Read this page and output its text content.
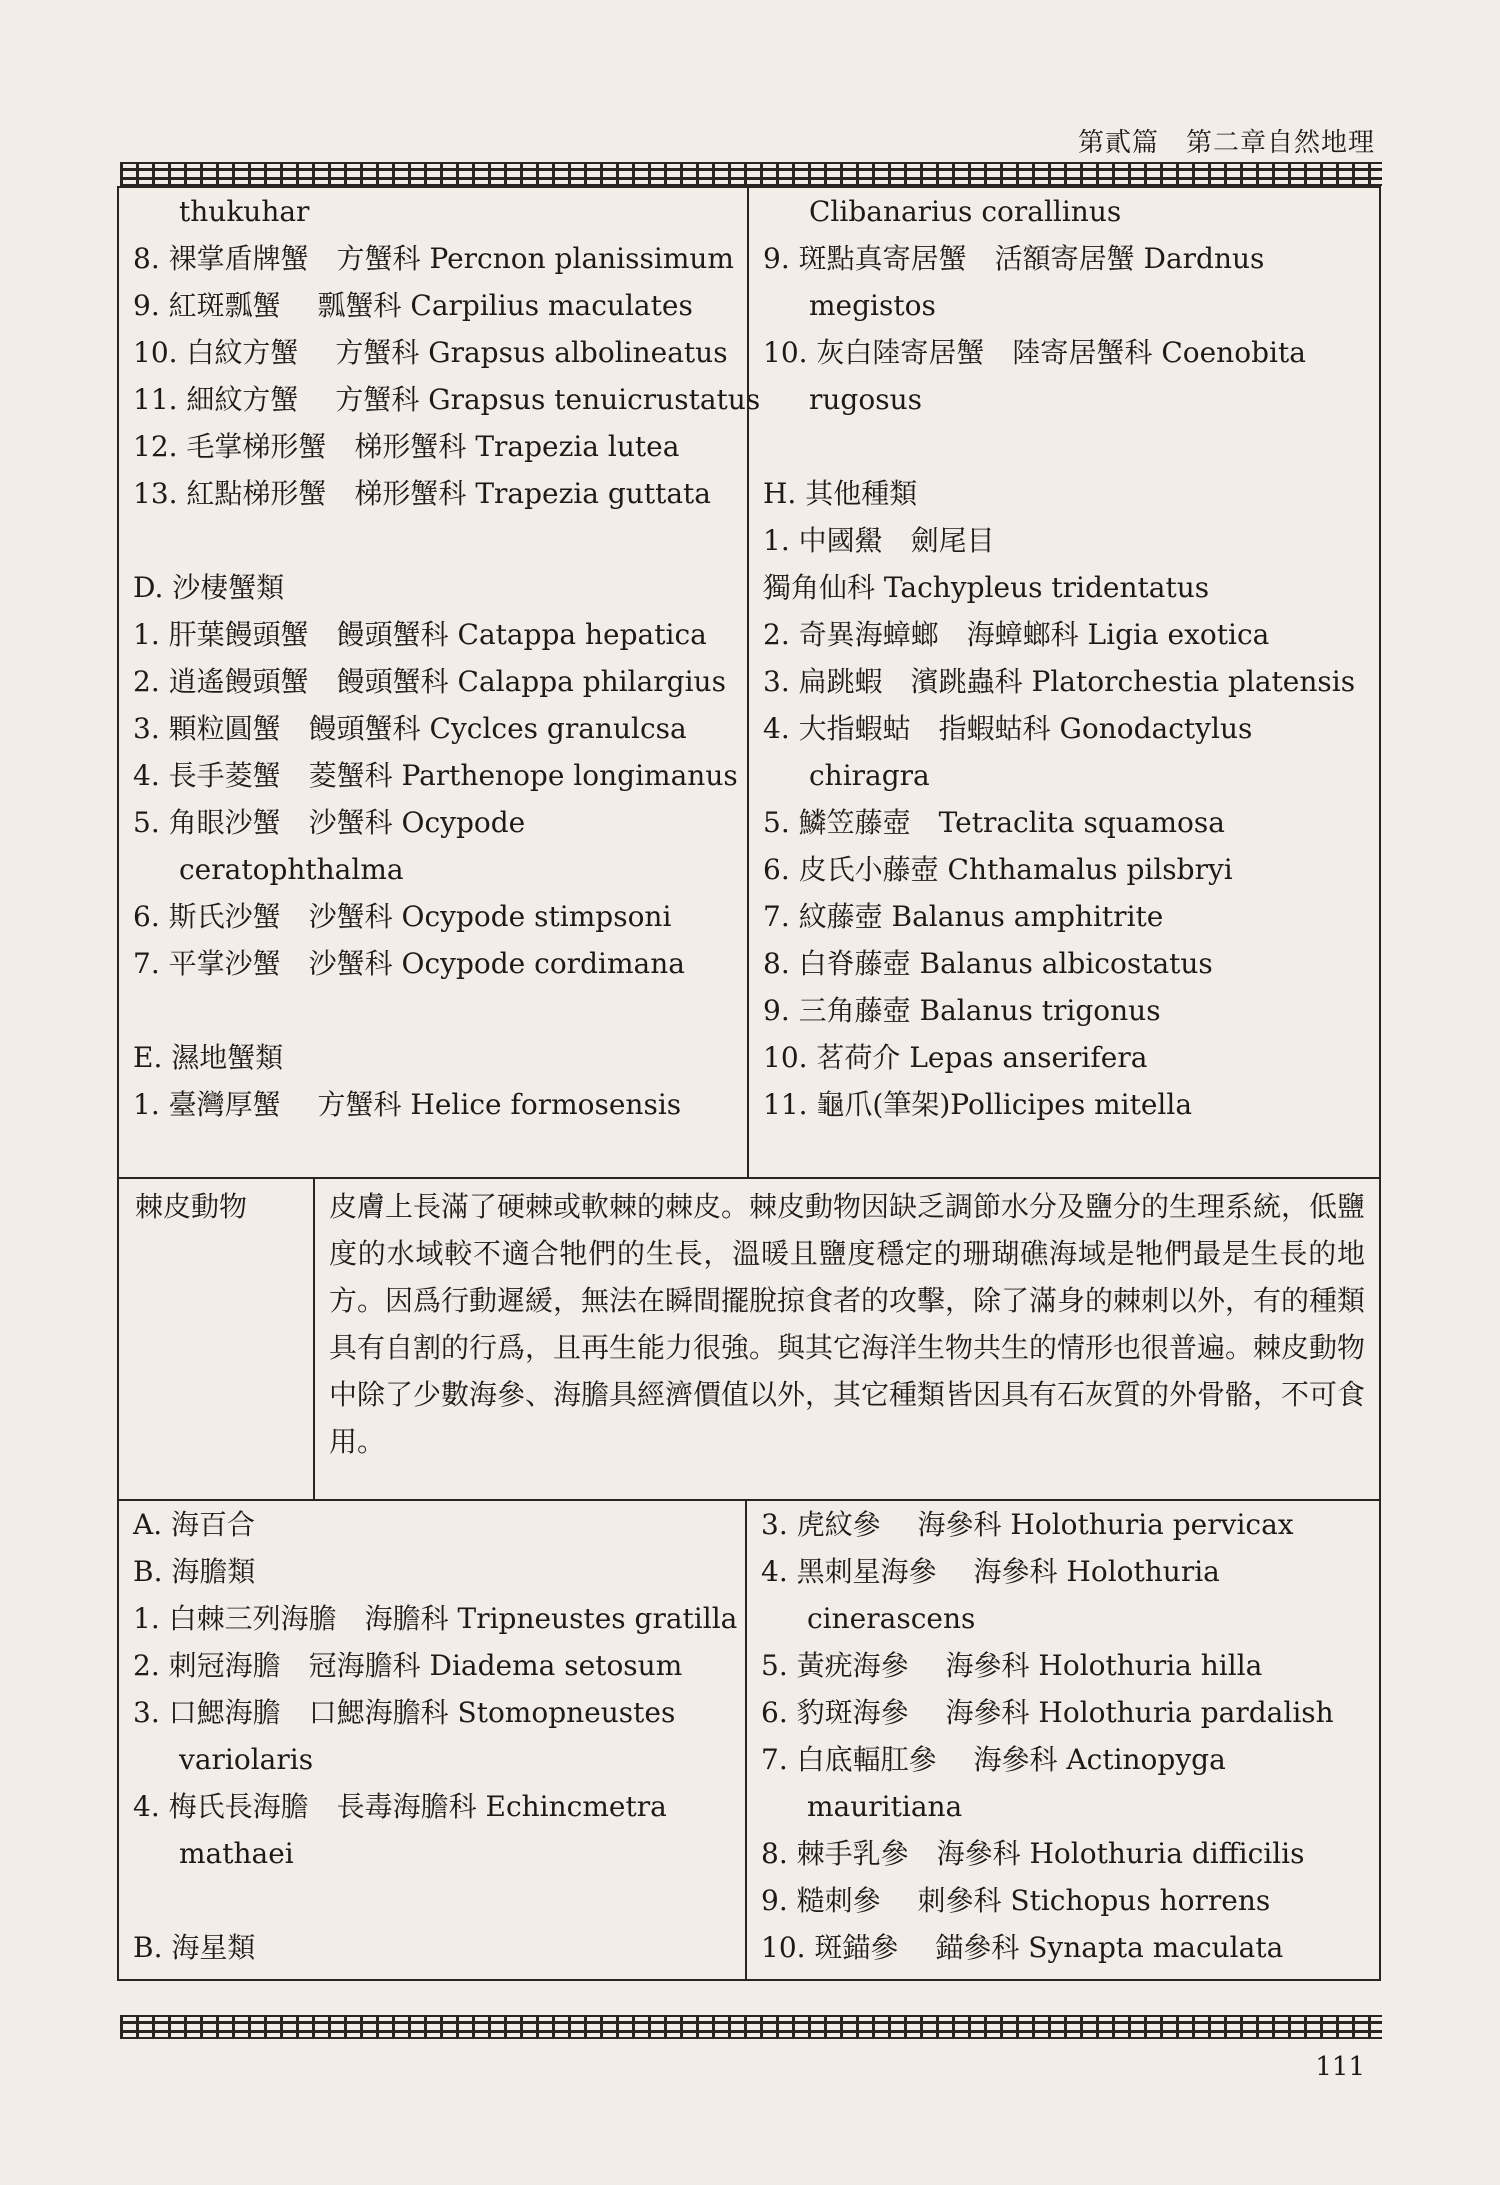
第貳篇　第二章自然地理
thukuhar
8. 裸掌盾牌蟹　方蟹科 Percnon planissimum
9. 紅斑瓢蟹　 瓢蟹科 Carpilius maculates
10. 白紋方蟹　 方蟹科 Grapsus albolineatus
11. 細紋方蟹　 方蟹科 Grapsus tenuicrustatus
12. 毛掌梯形蟹　梯形蟹科 Trapezia lutea
13. 紅點梯形蟹　梯形蟹科 Trapezia guttata
D. 沙棲蟹類
1. 肝葉饅頭蟹　饅頭蟹科 Catappa hepatica
2. 逍遙饅頭蟹　饅頭蟹科 Calappa philargius
3. 顆粒圓蟹　饅頭蟹科 Cyclces granulcsa
4. 長手菱蟹　菱蟹科 Parthenope longimanus
5. 角眼沙蟹　沙蟹科 Ocypode
ceratophthalma
6. 斯氏沙蟹　沙蟹科 Ocypode stimpsoni
7. 平掌沙蟹　沙蟹科 Ocypode cordimana
E. 濕地蟹類
1. 臺灣厚蟹　 方蟹科 Helice formosensis
Clibanarius corallinus
9. 斑點真寄居蟹　活額寄居蟹 Dardnus
megistos
10. 灰白陸寄居蟹　陸寄居蟹科 Coenobita
rugosus
H. 其他種類
1. 中國鱟　劍尾目
獨角仙科 Tachypleus tridentatus
2. 奇異海蟑螂　海蟑螂科 Ligia exotica
3. 扁跳蝦　濱跳蟲科 Platorchestia platensis
4. 大指蝦蛄　指蝦蛄科 Gonodactylus
chiragra
5. 鱗笠藤壺　Tetraclita squamosa
6. 皮氏小藤壺 Chthamalus pilsbryi
7. 紋藤壺 Balanus amphitrite
8. 白脊藤壺 Balanus albicostatus
9. 三角藤壺 Balanus trigonus
10. 茗荷介 Lepas anserifera
11. 龜爪(筆架)Pollicipes mitella
棘皮動物	皮膚上長滿了硬棘或軟棘的棘皮。棘皮動物因缺乏調節水分及鹽分的生理系統，低鹽度的水域較不適合牠們的生長，溫暖且鹽度穩定的珊瑚礁海域是牠們最是生長的地方。因爲行動遲緩，無法在瞬間擺脫掠食者的攻擊，除了滿身的棘刺以外，有的種類具有自割的行爲，且再生能力很強。與其它海洋生物共生的情形也很普遍。棘皮動物中除了少數海參、海膽具經濟價值以外，其它種類皆因具有石灰質的外骨骼，不可食用。
A. 海百合
B. 海膽類
1. 白棘三列海膽　海膽科 Tripneustes gratilla
2. 刺冠海膽　冠海膽科 Diadema setosum
3. 口鰓海膽　口鰓海膽科 Stomopneustes
variolaris
4. 梅氏長海膽　長毒海膽科 Echincmetra
mathaei
B. 海星類
3. 虎紋參　 海參科 Holothuria pervicax
4. 黑刺星海參　 海參科 Holothuria
cinerascens
5. 黃疣海參　 海參科 Holothuria hilla
6. 豹斑海參　 海參科 Holothuria pardalish
7. 白底輻肛參　 海參科 Actinopyga
mauritiana
8. 棘手乳參　海參科 Holothuria difficilis
9. 糙刺參　 刺參科 Stichopus horrens
10. 斑錨參　 錨參科 Synapta maculata
111
